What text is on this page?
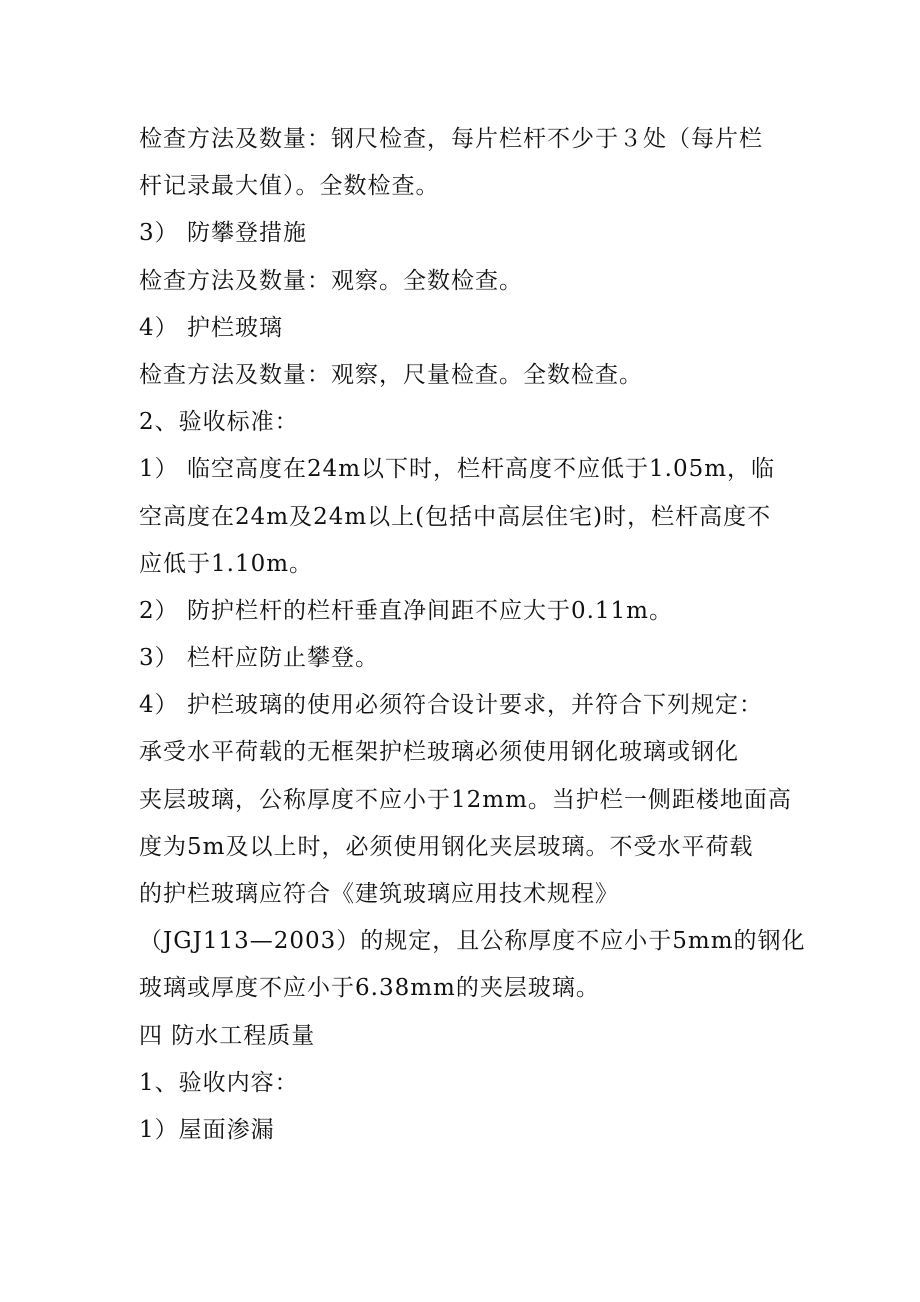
检查方法及数量：钢尺检查，每片栏杆不少于３处（每片栏
杆记录最大值）。全数检查。
3） 防攀登措施
检查方法及数量：观察。全数检查。
4） 护栏玻璃
检查方法及数量：观察，尺量检查。全数检查。
2、验收标准：
1） 临空高度在24m以下时，栏杆高度不应低于1.05m，临
空高度在24m及24m以上(包括中高层住宅)时，栏杆高度不
应低于1.10m。
2） 防护栏杆的栏杆垂直净间距不应大于0.11m。
3） 栏杆应防止攀登。
4） 护栏玻璃的使用必须符合设计要求，并符合下列规定：
承受水平荷载的无框架护栏玻璃必须使用钢化玻璃或钢化
夹层玻璃，公称厚度不应小于12mm。当护栏一侧距楼地面高
度为5m及以上时，必须使用钢化夹层玻璃。不受水平荷载
的护栏玻璃应符合《建筑玻璃应用技术规程》
（JGJ113—2003）的规定，且公称厚度不应小于5mm的钢化
玻璃或厚度不应小于6.38mm的夹层玻璃。
四 防水工程质量
1、验收内容：
1）屋面渗漏
